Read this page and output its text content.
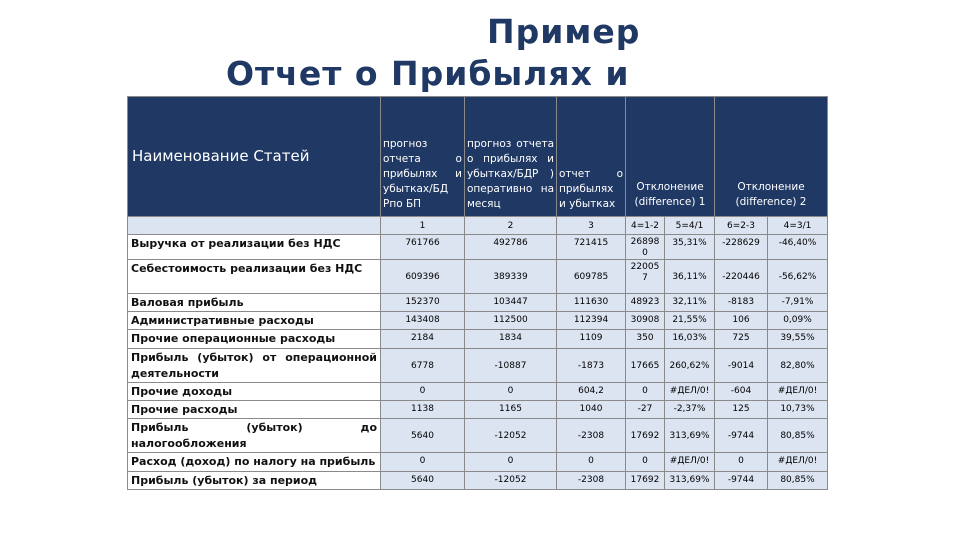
Пример
Отчет о Прибылях и
Наименование Статей	прогноз отчета о прибылях и убытках/БД Рпо БП	прогноз отчета о прибылях и убытках/БДР ) оперативно на месяц	отчет о прибылях и убытках	Отклонение (difference) 1		Отклонение (difference) 2	
	1	2	3	4=1-2	5=4/1	6=2-3	4=3/1
Выручка от реализации без НДС	761766	492786	721415	26898 0	35,31%	-228629	-46,40%
Себестоимость реализации без НДС	609396	389339	609785	22005 7	36,11%	-220446	-56,62%
Валовая прибыль	152370	103447	111630	48923	32,11%	-8183	-7,91%
Административные расходы	143408	112500	112394	30908	21,55%	106	0,09%
Прочие операционные расходы	2184	1834	1109	350	16,03%	725	39,55%
Прибыль (убыток) от операционной деятельности	6778	-10887	-1873	17665	260,62%	-9014	82,80%
Прочие доходы	0	0	604,2	0	#ДЕЛ/0!	-604	#ДЕЛ/0!
Прочие расходы	1138	1165	1040	-27	-2,37%	125	10,73%
Прибыль (убыток) до налогообложения	5640	-12052	-2308	17692	313,69%	-9744	80,85%
Расход (доход) по налогу на прибыль	0	0	0	0	#ДЕЛ/0!	0	#ДЕЛ/0!
Прибыль (убыток) за период	5640	-12052	-2308	17692	313,69%	-9744	80,85%
